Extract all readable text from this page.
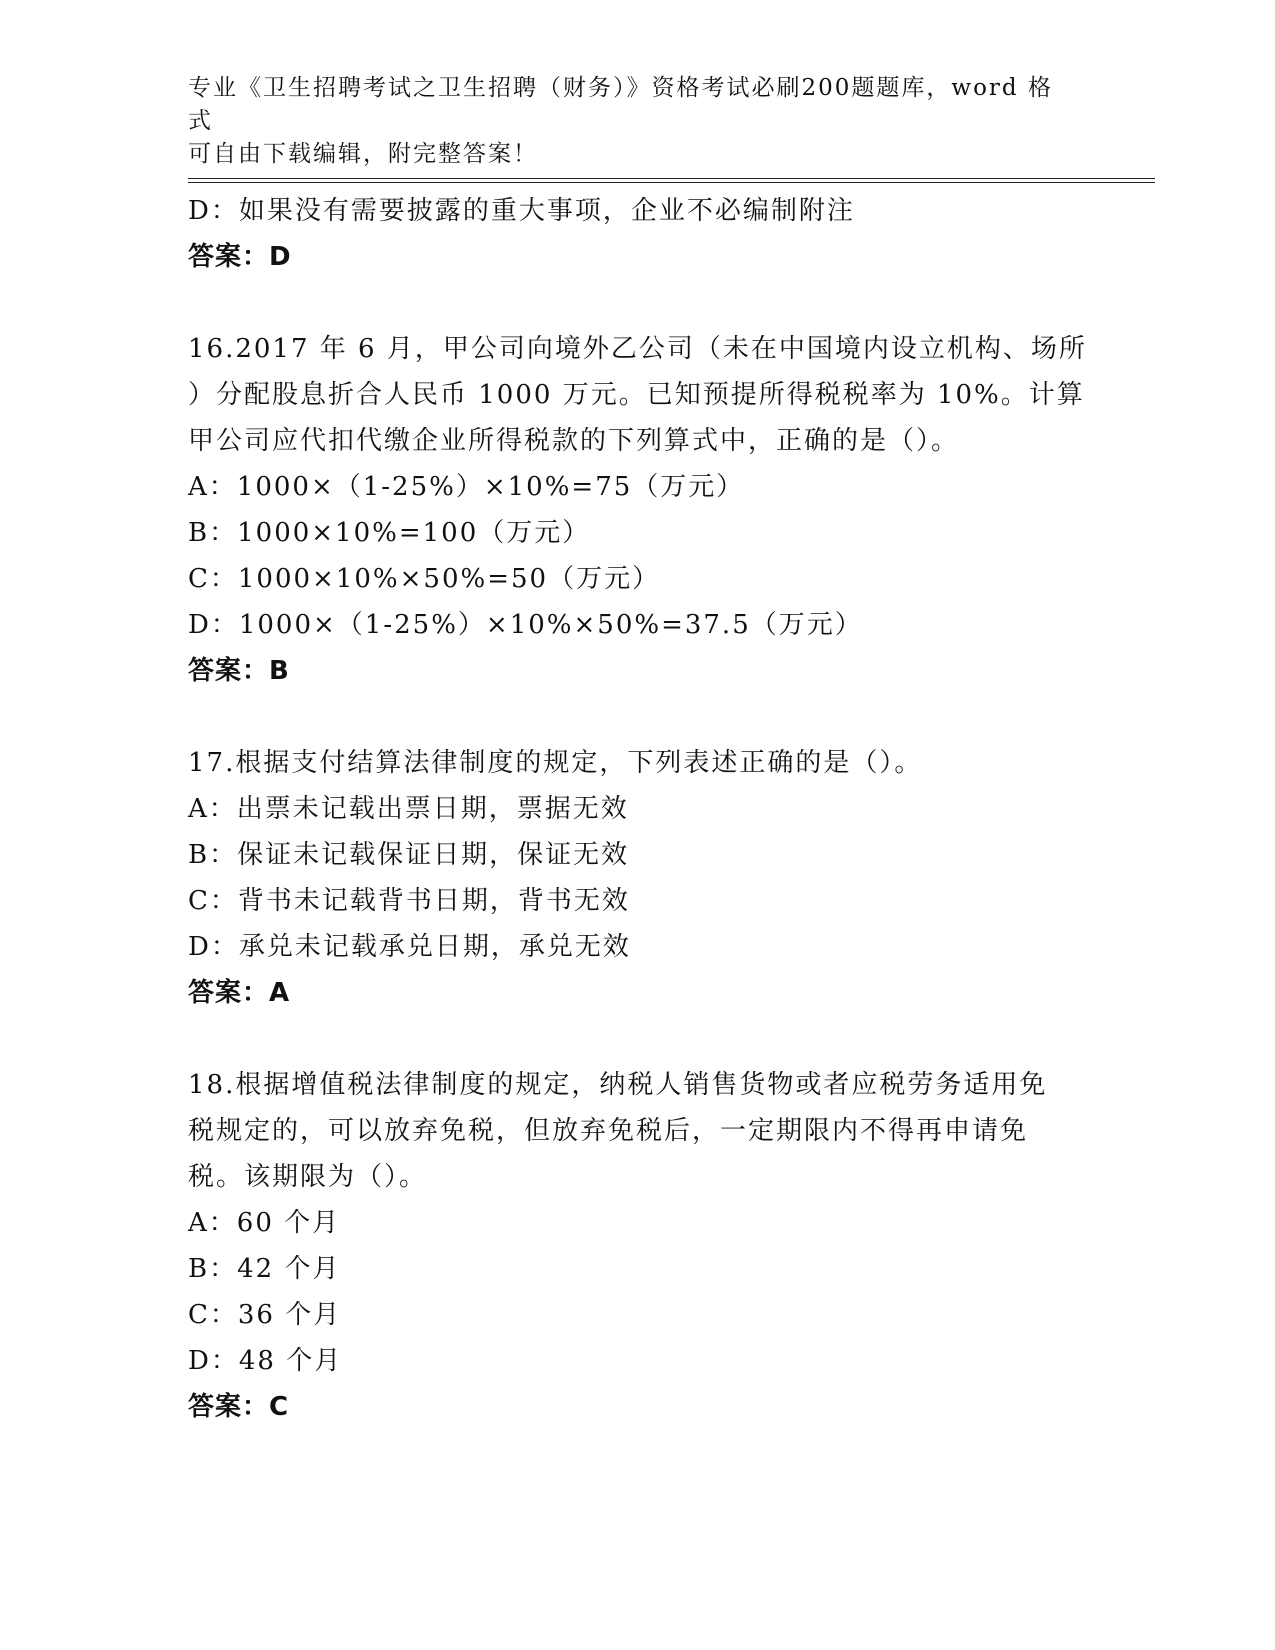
专业《卫生招聘考试之卫生招聘（财务）》资格考试必刷200题题库，word 格式
可自由下载编辑，附完整答案！
D：如果没有需要披露的重大事项，企业不必编制附注
答案：D
16.2017 年 6 月，甲公司向境外乙公司（未在中国境内设立机构、场所
）分配股息折合人民币 1000 万元。已知预提所得税税率为 10%。计算
甲公司应代扣代缴企业所得税款的下列算式中，正确的是（）。
A：1000×（1-25%）×10%=75（万元）
B：1000×10%=100（万元）
C：1000×10%×50%=50（万元）
D：1000×（1-25%）×10%×50%=37.5（万元）
答案：B
17.根据支付结算法律制度的规定，下列表述正确的是（）。
A：出票未记载出票日期，票据无效
B：保证未记载保证日期，保证无效
C：背书未记载背书日期，背书无效
D：承兑未记载承兑日期，承兑无效
答案：A
18.根据增值税法律制度的规定，纳税人销售货物或者应税劳务适用免
税规定的，可以放弃免税，但放弃免税后，一定期限内不得再申请免
税。该期限为（）。
A：60 个月
B：42 个月
C：36 个月
D：48 个月
答案：C
